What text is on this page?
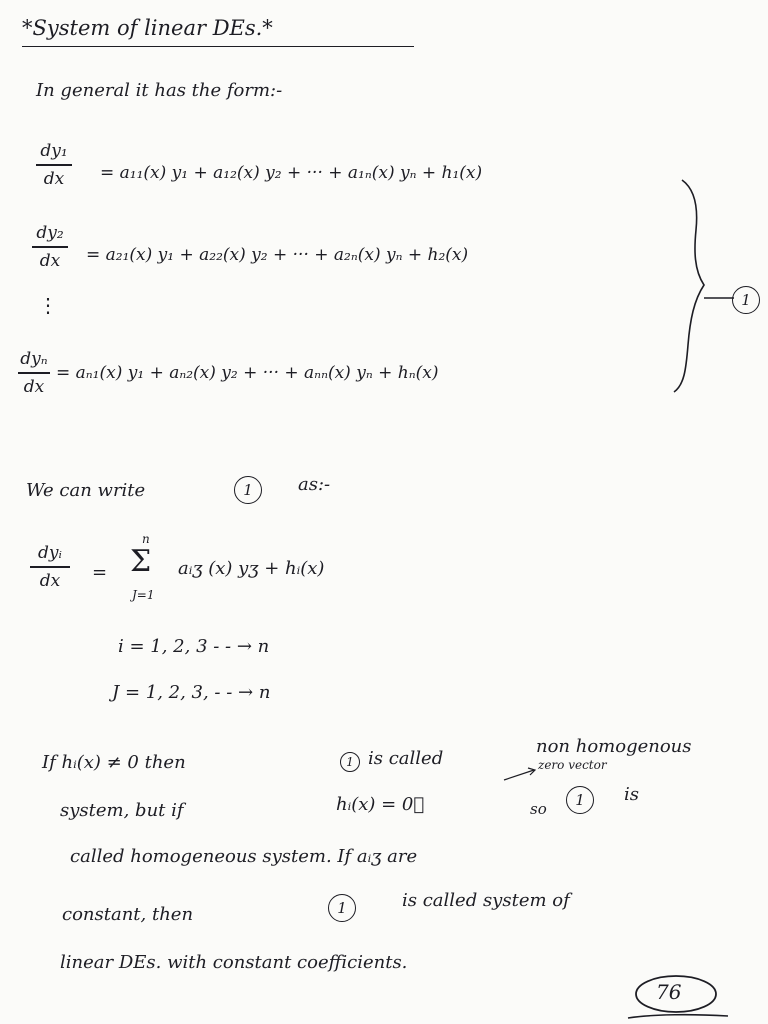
*System of linear DEs.*
In general it has the form:-
dy₁
dx	= a₁₁(x) y₁ + a₁₂(x) y₂ + ··· + a₁ₙ(x) yₙ + h₁(x)
dy₂
dx	= a₂₁(x) y₁ + a₂₂(x) y₂ + ··· + a₂ₙ(x) yₙ + h₂(x)
⋮
dyₙ
dx
= aₙ₁(x) y₁ + aₙ₂(x) y₂ + ··· + aₙₙ(x) yₙ + hₙ(x)
1
We can write	1	as:-
dyᵢ
dx	=
n
Σ
J=1
aᵢʒ (x) yʒ + hᵢ(x)
i = 1, 2, 3 - - → n
J = 1, 2, 3, - - → n
If hᵢ(x) ≠ 0 then	1 is called
non homogenous
zero vector
system, but if	hᵢ(x) = 0⃗	so	1	is
called homogeneous system. If aᵢʒ are
constant, then	1	is called system of
linear DEs. with constant coefficients.
76
